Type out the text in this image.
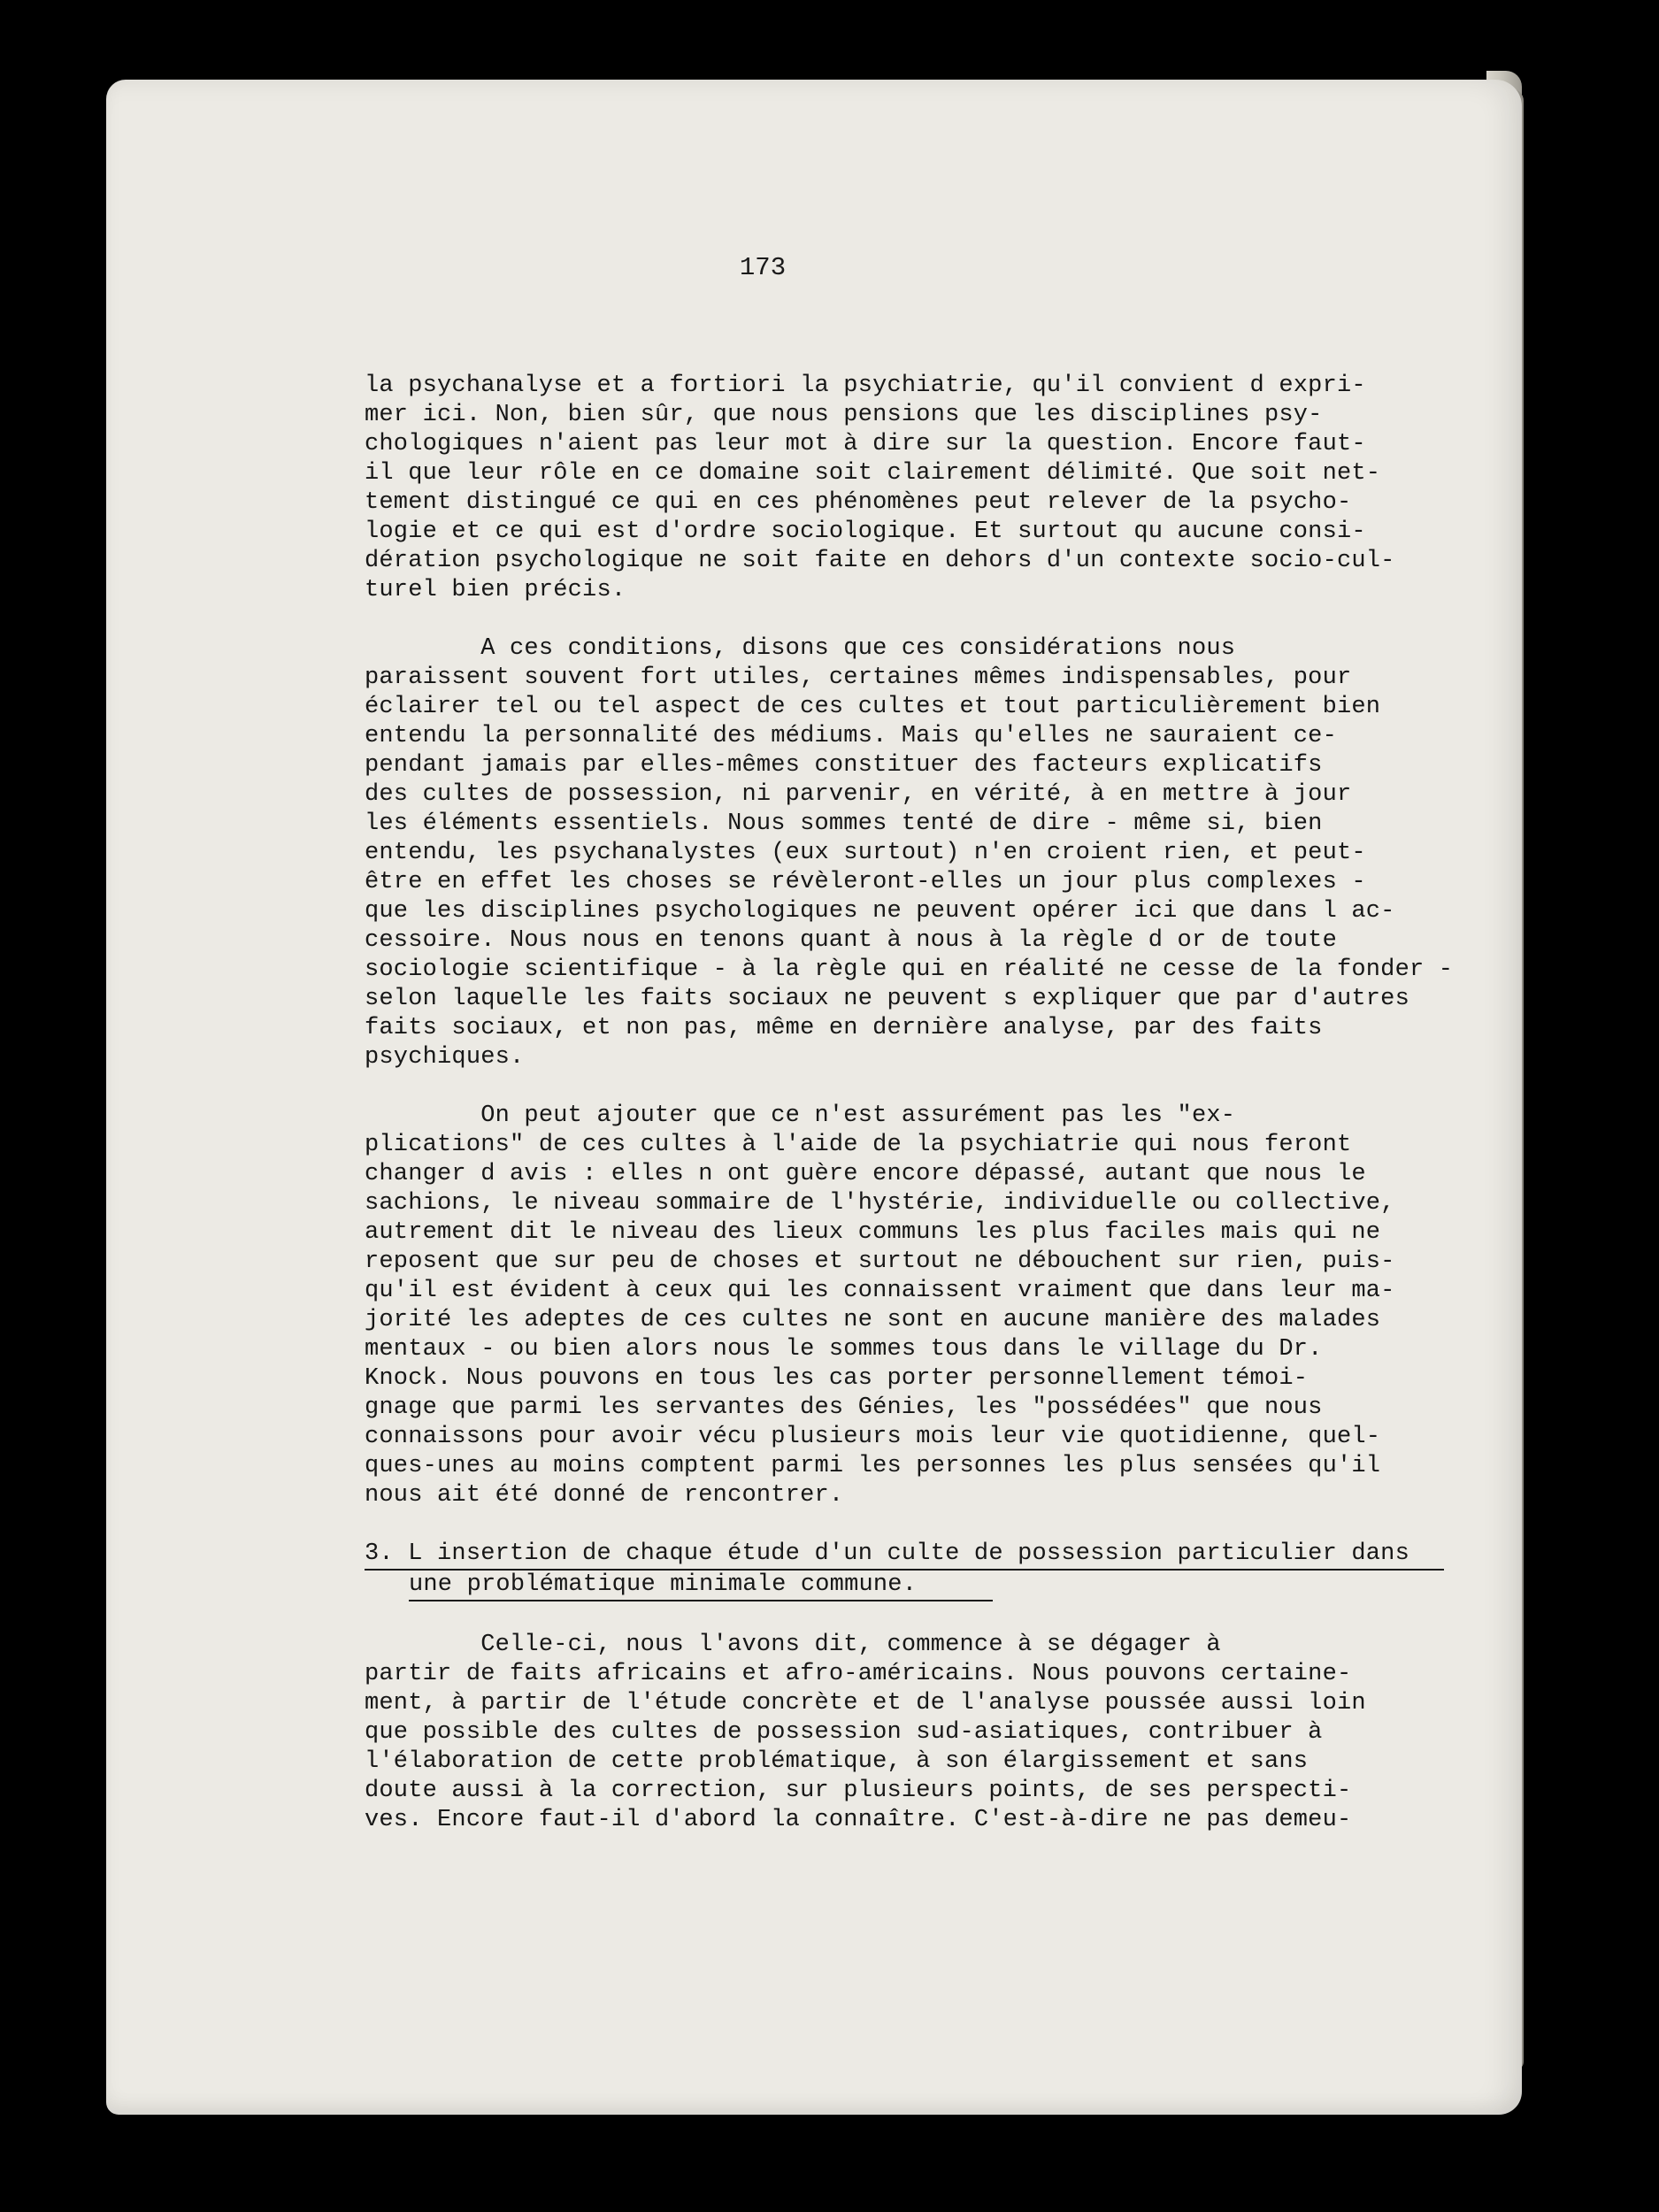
173
la psychanalyse et a fortiori la psychiatrie, qu'il convient d expri-
mer ici. Non, bien sûr, que nous pensions que les disciplines psy-
chologiques n'aient pas leur mot à dire sur la question. Encore faut-
il que leur rôle en ce domaine soit clairement délimité. Que soit net-
tement distingué ce qui en ces phénomènes peut relever de la psycho-
logie et ce qui est d'ordre sociologique. Et surtout qu aucune consi-
dération psychologique ne soit faite en dehors d'un contexte socio-cul-
turel bien précis.
A ces conditions, disons que ces considérations nous
paraissent souvent fort utiles, certaines mêmes indispensables, pour
éclairer tel ou tel aspect de ces cultes et tout particulièrement bien
entendu la personnalité des médiums. Mais qu'elles ne sauraient ce-
pendant jamais par elles-mêmes constituer des facteurs explicatifs
des cultes de possession, ni parvenir, en vérité, à en mettre à jour
les éléments essentiels. Nous sommes tenté de dire - même si, bien
entendu, les psychanalystes (eux surtout) n'en croient rien, et peut-
être en effet les choses se révèleront-elles un jour plus complexes -
que les disciplines psychologiques ne peuvent opérer ici que dans l ac-
cessoire. Nous nous en tenons quant à nous à la règle d or de toute
sociologie scientifique - à la règle qui en réalité ne cesse de la fonder -
selon laquelle les faits sociaux ne peuvent s expliquer que par d'autres
faits sociaux, et non pas, même en dernière analyse, par des faits
psychiques.
On peut ajouter que ce n'est assurément pas les "ex-
plications" de ces cultes à l'aide de la psychiatrie qui nous feront
changer d avis : elles n ont guère encore dépassé, autant que nous le
sachions, le niveau sommaire de l'hystérie, individuelle ou collective,
autrement dit le niveau des lieux communs les plus faciles mais qui ne
reposent que sur peu de choses et surtout ne débouchent sur rien, puis-
qu'il est évident à ceux qui les connaissent vraiment que dans leur ma-
jorité les adeptes de ces cultes ne sont en aucune manière des malades
mentaux - ou bien alors nous le sommes tous dans le village du Dr.
Knock. Nous pouvons en tous les cas porter personnellement témoi-
gnage que parmi les servantes des Génies, les "possédées" que nous
connaissons pour avoir vécu plusieurs mois leur vie quotidienne, quel-
ques-unes au moins comptent parmi les personnes les plus sensées qu'il
nous ait été donné de rencontrer.
3. L insertion de chaque étude d'un culte de possession particulier dans
une problématique minimale commune.
Celle-ci, nous l'avons dit, commence à se dégager à
partir de faits africains et afro-américains. Nous pouvons certaine-
ment, à partir de l'étude concrète et de l'analyse poussée aussi loin
que possible des cultes de possession sud-asiatiques, contribuer à
l'élaboration de cette problématique, à son élargissement et sans
doute aussi à la correction, sur plusieurs points, de ses perspecti-
ves. Encore faut-il d'abord la connaître. C'est-à-dire ne pas demeu-
